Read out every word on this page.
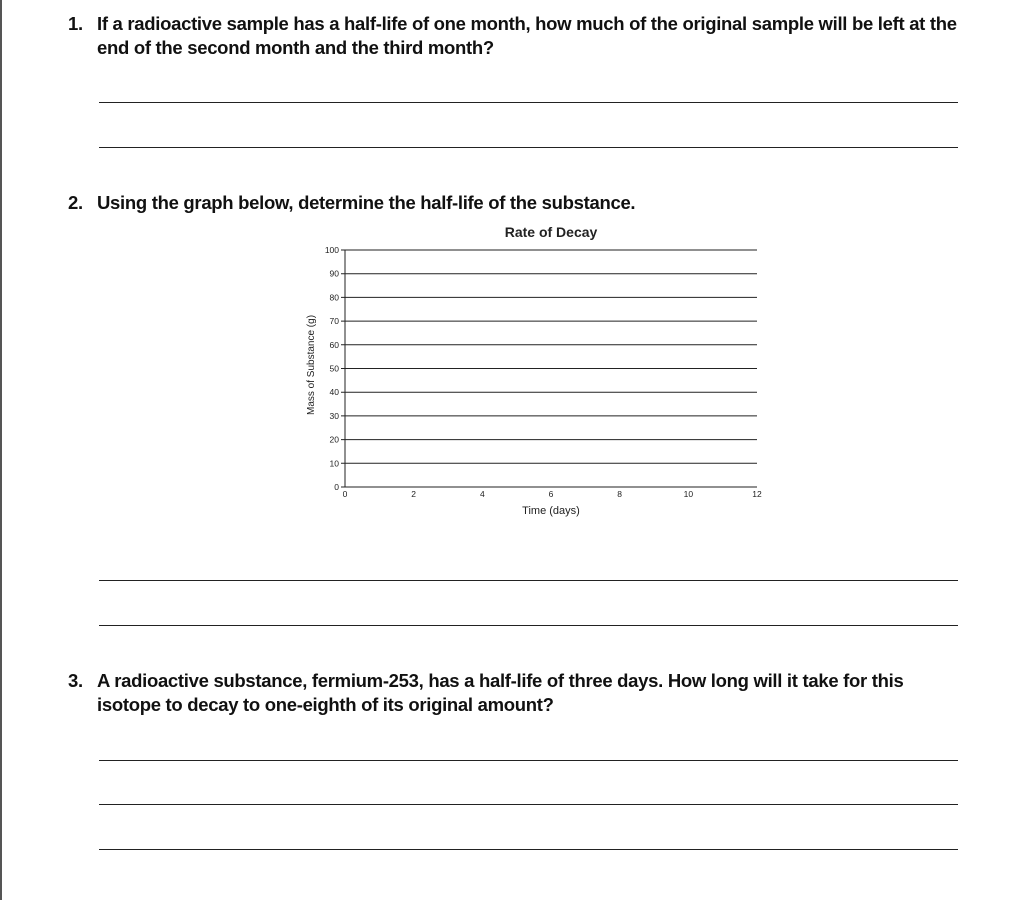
1. If a radioactive sample has a half-life of one month, how much of the original sample will be left at the end of the second month and the third month?
2. Using the graph below, determine the half-life of the substance.
Rate of Decay
0
10
20
30
40
50
60
70
80
90
100
0	2	4	6	8	10	12
Time (days)
Mass of Substance (g)
3. A radioactive substance, fermium-253, has a half-life of three days. How long will it take for this isotope to decay to one-eighth of its original amount?
